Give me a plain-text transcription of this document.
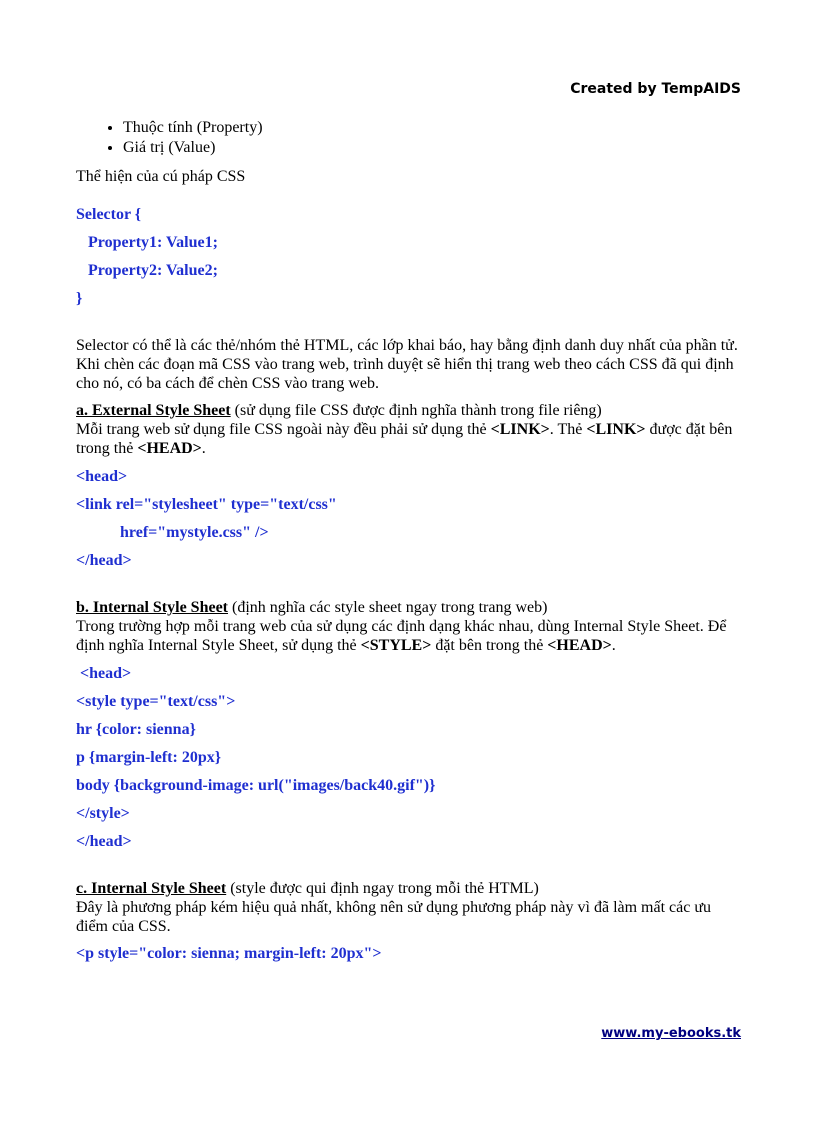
Created by TempAIDS
• Thuộc tính (Property)
• Giá trị (Value)

Thể hiện của cú pháp CSS

Selector {

Property1: Value1;

Property2: Value2;

}

Selector có thể là các thẻ/nhóm thẻ HTML, các lớp khai báo, hay bằng định danh duy nhất của phần tử. Khi chèn các đoạn mã CSS vào trang web, trình duyệt sẽ hiển thị trang web theo cách CSS đã qui định cho nó, có ba cách để chèn CSS vào trang web.

a. External Style Sheet (sử dụng file CSS được định nghĩa thành trong file riêng)
Mỗi trang web sử dụng file CSS ngoài này đều phải sử dụng thẻ <LINK>. Thẻ <LINK> được đặt bên trong thẻ <HEAD>.

<head>

<link rel="stylesheet" type="text/css"

href="mystyle.css" />

</head>

b. Internal Style Sheet (định nghĩa các style sheet ngay trong trang web)
Trong trường hợp mỗi trang web của sử dụng các định dạng khác nhau, dùng Internal Style Sheet. Để định nghĩa Internal Style Sheet, sử dụng thẻ <STYLE> đặt bên trong thẻ <HEAD>.

<head>

<style type="text/css">

hr {color: sienna}

p {margin-left: 20px}

body {background-image: url("images/back40.gif")}

</style>

</head>

c. Internal Style Sheet (style được qui định ngay trong mỗi thẻ HTML)
Đây là phương pháp kém hiệu quả nhất, không nên sử dụng phương pháp này vì đã làm mất các ưu điểm của CSS.

<p style="color: sienna; margin-left: 20px">

www.my-ebooks.tk
